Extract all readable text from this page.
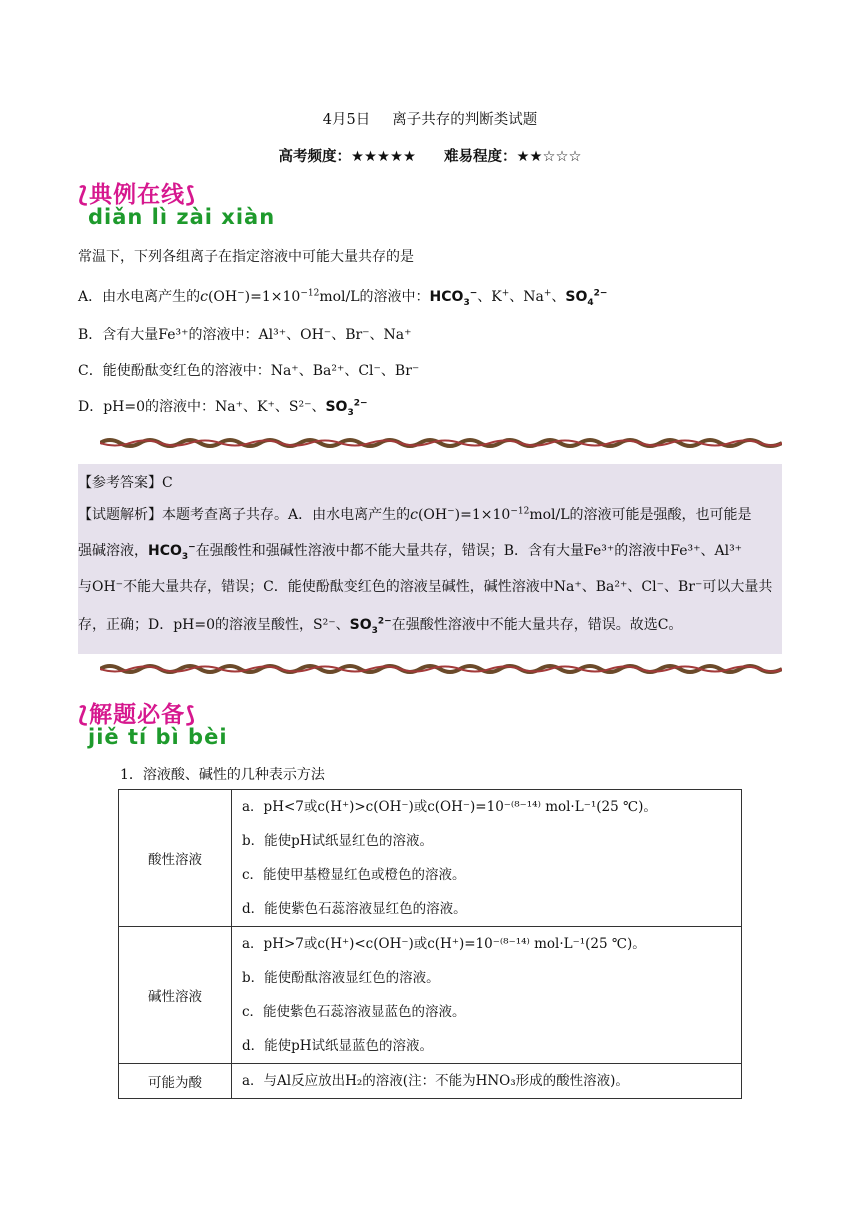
4月5日 离子共存的判断类试题
高考频度：★★★★★ 难易程度：★★☆☆☆
⟅典例在线⟆
diǎn lì zài xiàn
常温下，下列各组离子在指定溶液中可能大量共存的是
A．由水电离产生的$c(OH^-)=1\times 10^{-12}mol/L$的溶液中：$HCO_3^-$、K+、Na+、$SO_4^{2-}$
B．含有大量Fe³⁺的溶液中：Al³⁺、OH⁻、Br⁻、Na⁺
C．能使酚酞变红色的溶液中：Na⁺、Ba²⁺、Cl⁻、Br⁻
D．pH=0的溶液中：Na⁺、K⁺、S²⁻、$SO_3^{2-}$
【参考答案】C
【试题解析】本题考查离子共存。A．由水电离产生的$c(OH^-)=1\times 10^{-12}mol/L$的溶液可能是强酸，也可能是
强碱溶液，$HCO_3^-$在强酸性和强碱性溶液中都不能大量共存，错误；B．含有大量Fe³⁺的溶液中Fe³⁺、Al³⁺
与OH⁻不能大量共存，错误；C．能使酚酞变红色的溶液呈碱性，碱性溶液中Na⁺、Ba²⁺、Cl⁻、Br⁻可以大量共
存，正确；D．pH=0的溶液呈酸性，S²⁻、$SO_3^{2-}$在强酸性溶液中不能大量共存，错误。故选C。
⟅解题必备⟆
jiě tí bì bèi
1．溶液酸、碱性的几种表示方法
酸性溶液	a．pH<7或c(H⁺)>c(OH⁻)或c(OH⁻)=10⁻⁽⁸⁻¹⁴⁾ mol·L⁻¹(25 ℃)。
b．能使pH试纸显红色的溶液。
c．能使甲基橙显红色或橙色的溶液。
d．能使紫色石蕊溶液显红色的溶液。

碱性溶液	a．pH>7或c(H⁺)<c(OH⁻)或c(H⁺)=10⁻⁽⁸⁻¹⁴⁾ mol·L⁻¹(25 ℃)。
b．能使酚酞溶液显红色的溶液。
c．能使紫色石蕊溶液显蓝色的溶液。
d．能使pH试纸显蓝色的溶液。

可能为酸	a．与Al反应放出H₂的溶液(注：不能为HNO₃形成的酸性溶液)。
